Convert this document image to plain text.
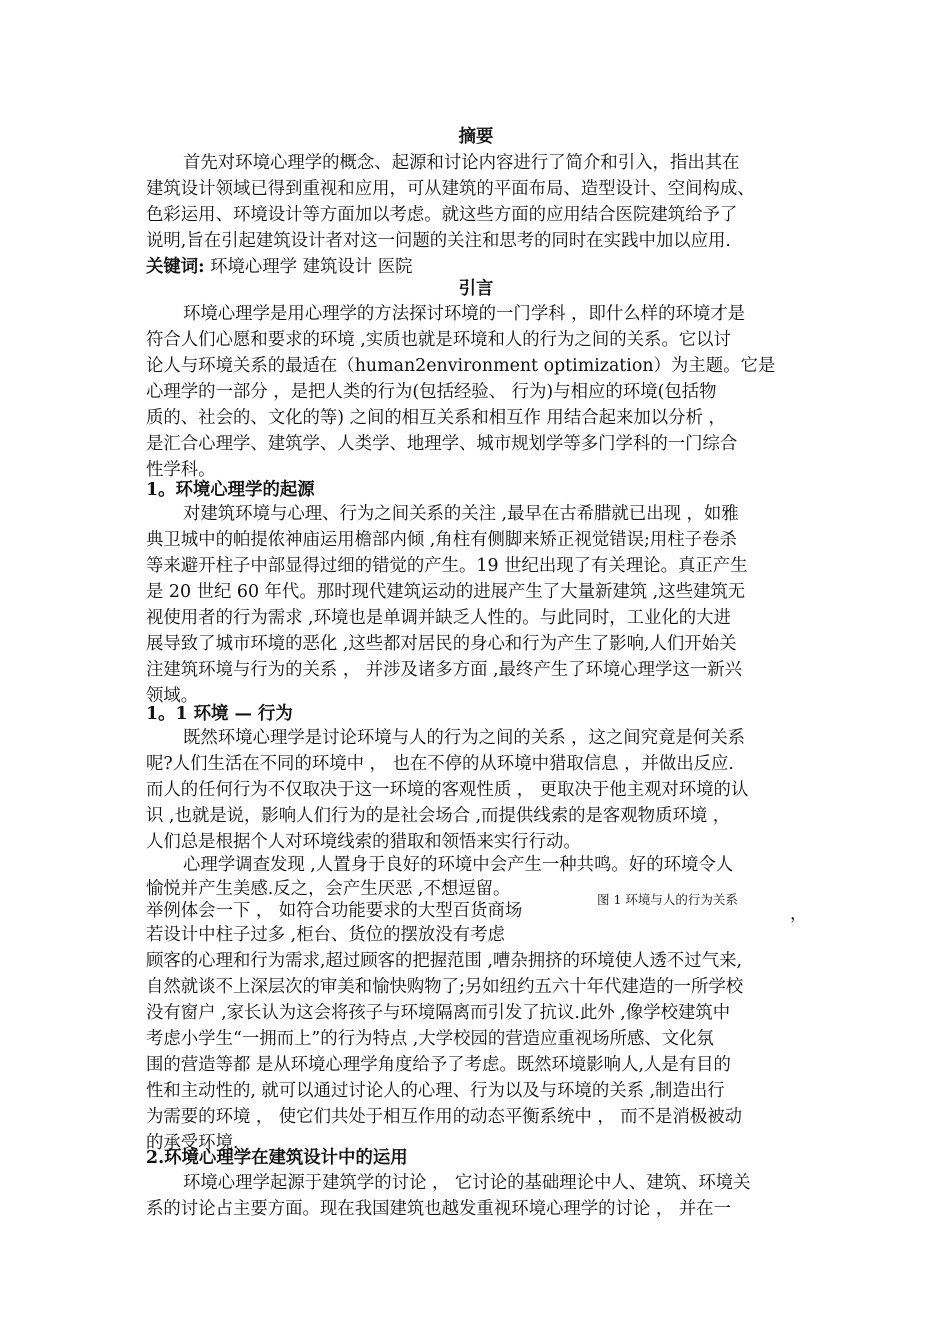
摘要

首先对环境心理学的概念、起源和讨论内容进行了简介和引入，指出其在

建筑设计领域已得到重视和应用，可从建筑的平面布局、造型设计、空间构成、

色彩运用、环境设计等方面加以考虑。就这些方面的应用结合医院建筑给予了

说明,旨在引起建筑设计者对这一问题的关注和思考的同时在实践中加以应用.

关键词: 环境心理学 建筑设计 医院

引言

环境心理学是用心理学的方法探讨环境的一门学科 ，即什么样的环境才是

符合人们心愿和要求的环境 ,实质也就是环境和人的行为之间的关系。它以讨

论人与环境关系的最适在（human2environment optimization）为主题。它是

心理学的一部分 ，是把人类的行为(包括经验、 行为)与相应的环境(包括物

质的、社会的、文化的等) 之间的相互关系和相互作 用结合起来加以分析 ，

是汇合心理学、建筑学、人类学、地理学、城市规划学等多门学科的一门综合

性学科。

1。环境心理学的起源

对建筑环境与心理、行为之间关系的关注 ,最早在古希腊就已出现 ，如雅

典卫城中的帕提侬神庙运用檐部内倾 ,角柱有侧脚来矫正视觉错误;用柱子卷杀

等来避开柱子中部显得过细的错觉的产生。19 世纪出现了有关理论。真正产生

是 20 世纪 60 年代。那时现代建筑运动的进展产生了大量新建筑 ,这些建筑无

视使用者的行为需求 ,环境也是单调并缺乏人性的。与此同时，工业化的大进

展导致了城市环境的恶化 ,这些都对居民的身心和行为产生了影响,人们开始关

注建筑环境与行为的关系 ， 并涉及诸多方面 ,最终产生了环境心理学这一新兴

领域。

1。1 环境 — 行为

既然环境心理学是讨论环境与人的行为之间的关系 ，这之间究竟是何关系

呢?人们生活在不同的环境中 ， 也在不停的从环境中猎取信息 ，并做出反应.

而人的任何行为不仅取决于这一环境的客观性质 ， 更取决于他主观对环境的认

识 ,也就是说，影响人们行为的是社会场合 ,而提供线索的是客观物质环境 ，

人们总是根据个人对环境线索的猎取和领悟来实行行动。

心理学调查发现 ,人置身于良好的环境中会产生一种共鸣。好的环境令人

愉悦并产生美感.反之，会产生厌恶 ,不想逗留。

举例体会一下 ， 如符合功能要求的大型百货商场

若设计中柱子过多 ,柜台、货位的摆放没有考虑

图 1 环境与人的行为关系
，

顾客的心理和行为需求,超过顾客的把握范围 ,嘈杂拥挤的环境使人透不过气来,

自然就谈不上深层次的审美和愉快购物了;另如纽约五六十年代建造的一所学校

没有窗户 ,家长认为这会将孩子与环境隔离而引发了抗议.此外 ,像学校建筑中

考虑小学生“一拥而上”的行为特点 ,大学校园的营造应重视场所感、文化氛

围的营造等都 是从环境心理学角度给予了考虑。既然环境影响人,人是有目的

性和主动性的, 就可以通过讨论人的心理、行为以及与环境的关系 ,制造出行

为需要的环境 ， 使它们共处于相互作用的动态平衡系统中 ， 而不是消极被动

的承受环境.

2.环境心理学在建筑设计中的运用

环境心理学起源于建筑学的讨论 ， 它讨论的基础理论中人、建筑、环境关

系的讨论占主要方面。现在我国建筑也越发重视环境心理学的讨论 ， 并在一
